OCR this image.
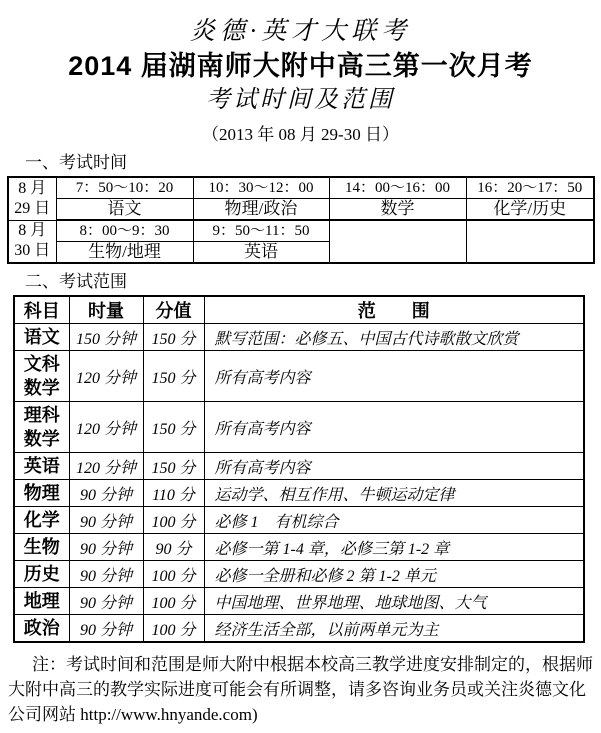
炎德·英才大联考
2014 届湖南师大附中高三第一次月考
考试时间及范围
（2013 年 08 月 29-30 日）
一、考试时间
8 月
29 日	7：50～10：20	10：30～12：00	14：00～16：00	16：20～17：50
	语文	物理/政治	数学	化学/历史

8 月
30 日	8：00～9：30	9：50～11：50		
	生物/地理	英语		
二、考试范围
科目	时量	分值	范　　围
语文	150 分钟	150 分	默写范围：必修五、中国古代诗歌散文欣赏
文科数学	120 分钟	150 分	所有高考内容
理科数学	120 分钟	150 分	所有高考内容
英语	120 分钟	150 分	所有高考内容
物理	90 分钟	110 分	运动学、相互作用、牛顿运动定律
化学	90 分钟	100 分	必修 1　有机综合
生物	90 分钟	90 分	必修一第 1-4 章，必修三第 1-2 章
历史	90 分钟	100 分	必修一全册和必修 2 第 1-2 单元
地理	90 分钟	100 分	中国地理、世界地理、地球地图、大气
政治	90 分钟	100 分	经济生活全部，以前两单元为主
注：考试时间和范围是师大附中根据本校高三教学进度安排制定的，根据师大附中高三的教学实际进度可能会有所调整，请多咨询业务员或关注炎德文化公司网站 http://www.hnyande.com)
